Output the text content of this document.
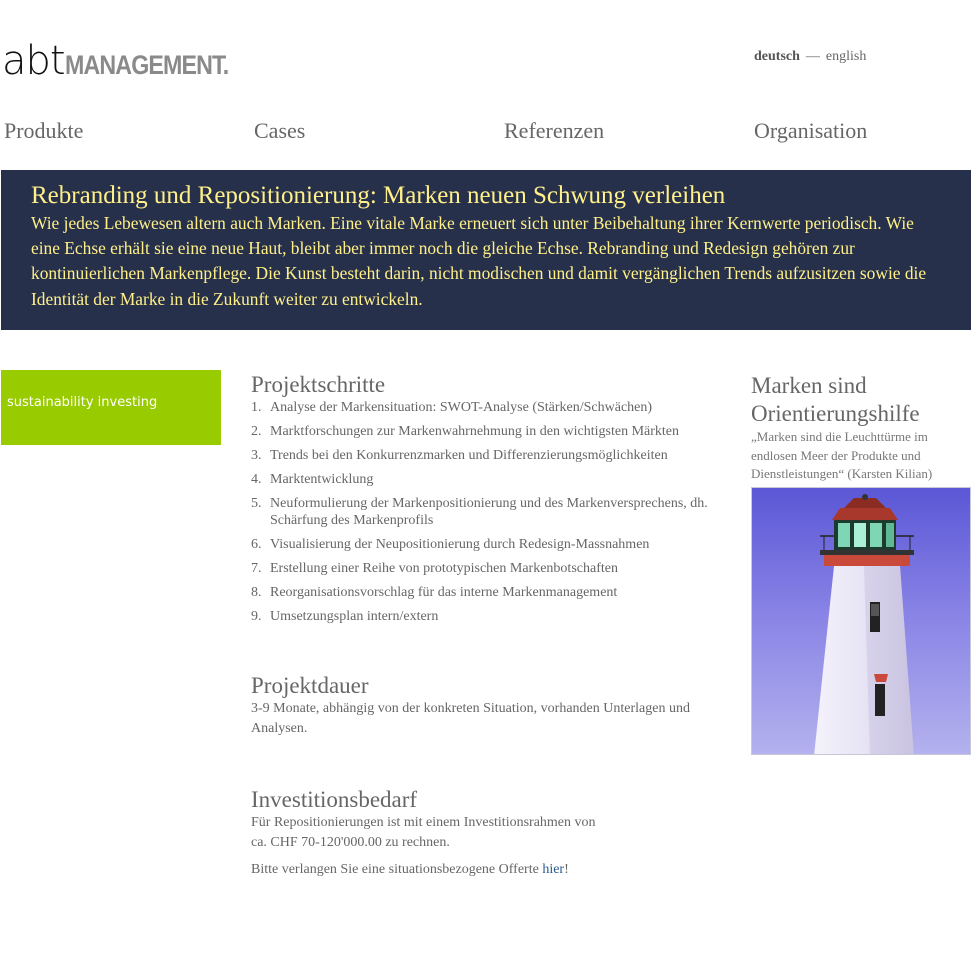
abtMANAGEMENT.	deutsch — english
Produkte	Cases	Referenzen	Organisation
Rebranding und Repositionierung: Marken neuen Schwung verleihen

Wie jedes Lebewesen altern auch Marken. Eine vitale Marke erneuert sich unter Beibehaltung ihrer Kernwerte periodisch. Wie eine Echse erhält sie eine neue Haut, bleibt aber immer noch die gleiche Echse. Rebranding und Redesign gehören zur kontinuierlichen Markenpflege. Die Kunst besteht darin, nicht modischen und damit vergänglichen Trends aufzusitzen sowie die Identität der Marke in die Zukunft weiter zu entwickeln.

sustainability investing
Projektschritte
1. Analyse der Markensituation: SWOT-Analyse (Stärken/Schwächen)
2. Marktforschungen zur Markenwahrnehmung in den wichtigsten Märkten
3. Trends bei den Konkurrenzmarken und Differenzierungsmöglichkeiten
4. Marktentwicklung
5. Neuformulierung der Markenpositionierung und des Markenversprechens, dh. Schärfung des Markenprofils
6. Visualisierung der Neupositionierung durch Redesign-Massnahmen
7. Erstellung einer Reihe von prototypischen Markenbotschaften
8. Reorganisationsvorschlag für das interne Markenmanagement
9. Umsetzungsplan intern/extern
Projektdauer

3-9 Monate, abhängig von der konkreten Situation, vorhanden Unterlagen und Analysen.

Investitionsbedarf

Für Repositionierungen ist mit einem Investitionsrahmen von

ca. CHF 70-120'000.00 zu rechnen.

Bitte verlangen Sie eine situationsbezogene Offerte hier!

Marken sind
Orientierungshilfe

„Marken sind die Leuchttürme im endlosen Meer der Produkte und Dienstleistungen“ (Karsten Kilian)
